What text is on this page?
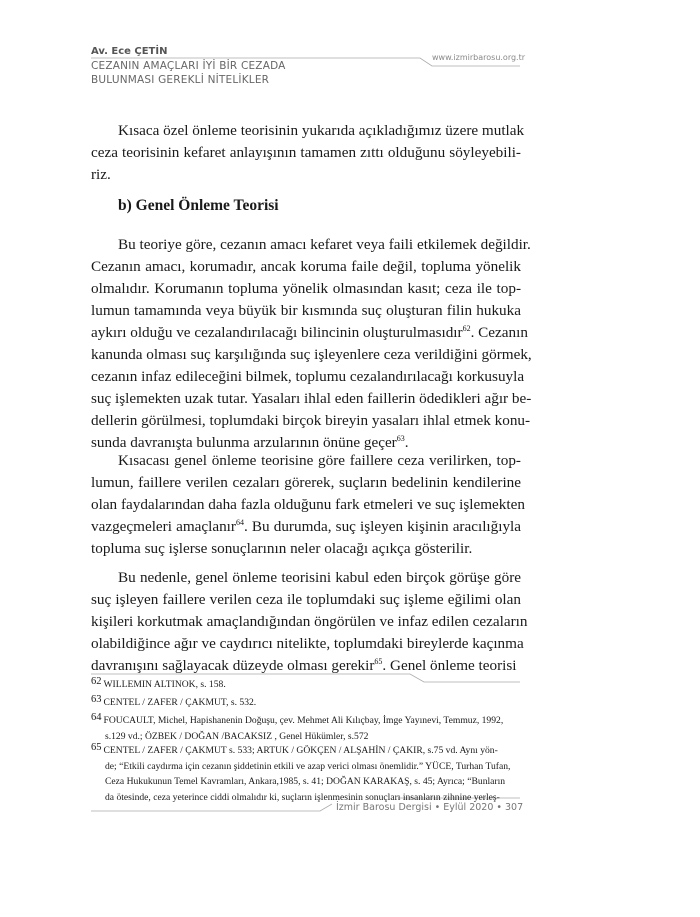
Av. Ece ÇETİN
CEZANIN AMAÇLARI İYİ BİR CEZADA
BULUNMASI GEREKLİ NİTELİKLER
www.izmirbarosu.org.tr
Kısaca özel önleme teorisinin yukarıda açıkladığımız üzere mutlak
ceza teorisinin kefaret anlayışının tamamen zıttı olduğunu söyleyebili-
riz.
Bu teoriye göre, cezanın amacı kefaret veya faili etkilemek değildir.
Cezanın amacı, korumadır, ancak koruma faile değil, topluma yönelik
olmalıdır. Korumanın topluma yönelik olmasından kasıt; ceza ile top-
lumun tamamında veya büyük bir kısmında suç oluşturan filin hukuka
aykırı olduğu ve cezalandırılacağı bilincinin oluşturulmasıdır$^{62}$. Cezanın
kanunda olması suç karşılığında suç işleyenlere ceza verildiğini görmek,
cezanın infaz edileceğini bilmek, toplumu cezalandırılacağı korkusuyla
suç işlemekten uzak tutar. Yasaları ihlal eden faillerin ödedikleri ağır be-
dellerin görülmesi, toplumdaki birçok bireyin yasaları ihlal etmek konu-
sunda davranışta bulunma arzularının önüne geçer$^{63}$.
Kısacası genel önleme teorisine göre faillere ceza verilirken, top-
lumun, faillere verilen cezaları görerek, suçların bedelinin kendilerine
olan faydalarından daha fazla olduğunu fark etmeleri ve suç işlemekten
vazgeçmeleri amaçlanır$^{64}$. Bu durumda, suç işleyen kişinin aracılığıyla
topluma suç işlerse sonuçlarının neler olacağı açıkça gösterilir.
Bu nedenle, genel önleme teorisini kabul eden birçok görüşe göre
suç işleyen faillere verilen ceza ile toplumdaki suç işleme eğilimi olan
kişileri korkutmak amaçlandığından öngörülen ve infaz edilen cezaların
olabildiğince ağır ve caydırıcı nitelikte, toplumdaki bireylerde kaçınma
davranışını sağlayacak düzeyde olması gerekir$^{65}$. Genel önleme teorisi
b) Genel Önleme Teorisi
62 WILLEMIN ALTINOK, s. 158.
63 CENTEL / ZAFER / ÇAKMUT, s. 532.
64 FOUCAULT, Michel, Hapishanenin Doğuşu, çev. Mehmet Ali Kılıçbay, İmge Yayınevi, Temmuz, 1992,
s.129 vd.; ÖZBEK / DOĞAN /BACAKSIZ , Genel Hükümler, s.572
65 CENTEL / ZAFER / ÇAKMUT s. 533; ARTUK / GÖKÇEN / ALŞAHİN / ÇAKIR, s.75 vd. Aynı yön-
de; “Etkili caydırma için cezanın şiddetinin etkili ve azap verici olması önemlidir.” YÜCE, Turhan Tufan,
Ceza Hukukunun Temel Kavramları, Ankara,1985, s. 41; DOĞAN KARAKAŞ, s. 45; Ayrıca; “Bunların
da ötesinde, ceza yeterince ciddi olmalıdır ki, suçların işlenmesinin sonuçları insanların zihnine yerleş-
İzmir Barosu Dergisi • Eylül 2020 • 307
